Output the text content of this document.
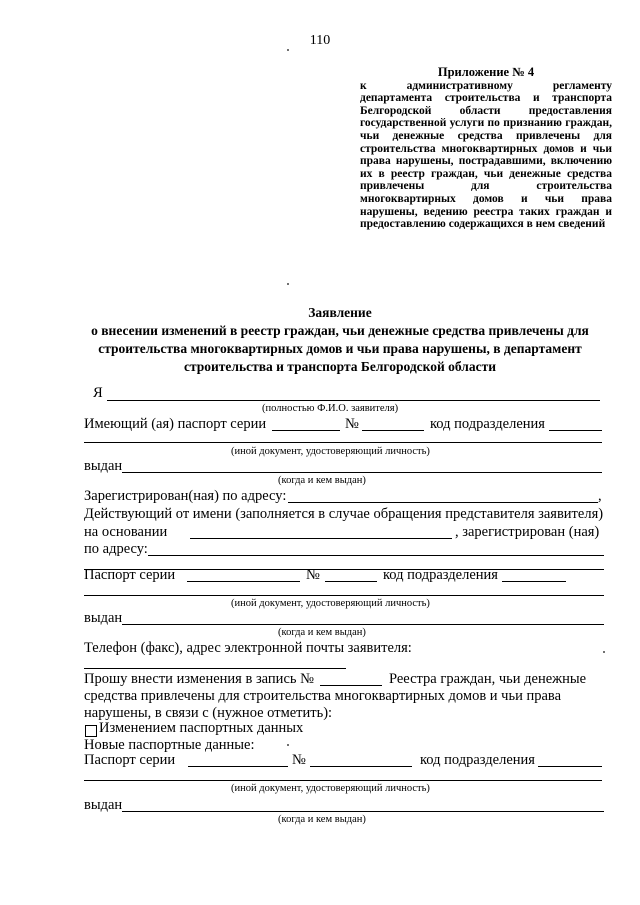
110
Приложение № 4
к административному регламенту департамента строительства и транспорта Белгородской области предоставления государственной услуги по признанию граждан, чьи денежные средства привлечены для строительства многоквартирных домов и чьи права нарушены, пострадавшими, включению их в реестр граждан, чьи денежные средства привлечены для строительства многоквартирных домов и чьи права нарушены, ведению реестра таких граждан и предоставлению содержащихся в нем сведений
Заявление
о внесении изменений в реестр граждан, чьи денежные средства привлечены для строительства многоквартирных домов и чьи права нарушены, в департамент строительства и транспорта Белгородской области
Я
(полностью Ф.И.О. заявителя)
Имеющий (ая) паспорт серии	№	код подразделения
(иной документ, удостоверяющий личность)
выдан
(когда и кем выдан)
Зарегистрирован(ная) по адресу:	,
Действующий от имени (заполняется в случае обращения представителя заявителя)
на основании	, зарегистрирован (ная)
по адресу:
Паспорт серии	№	код подразделения
(иной документ, удостоверяющий личность)
выдан
(когда и кем выдан)
Телефон (факс), адрес электронной почты заявителя:
Прошу внести изменения в запись №	Реестра граждан, чьи денежные
средства привлечены для строительства многоквартирных домов и чьи права
нарушены, в связи с (нужное отметить):
Изменением паспортных данных
Новые паспортные данные:
Паспорт серии	№	код подразделения
(иной документ, удостоверяющий личность)
выдан
(когда и кем выдан)
